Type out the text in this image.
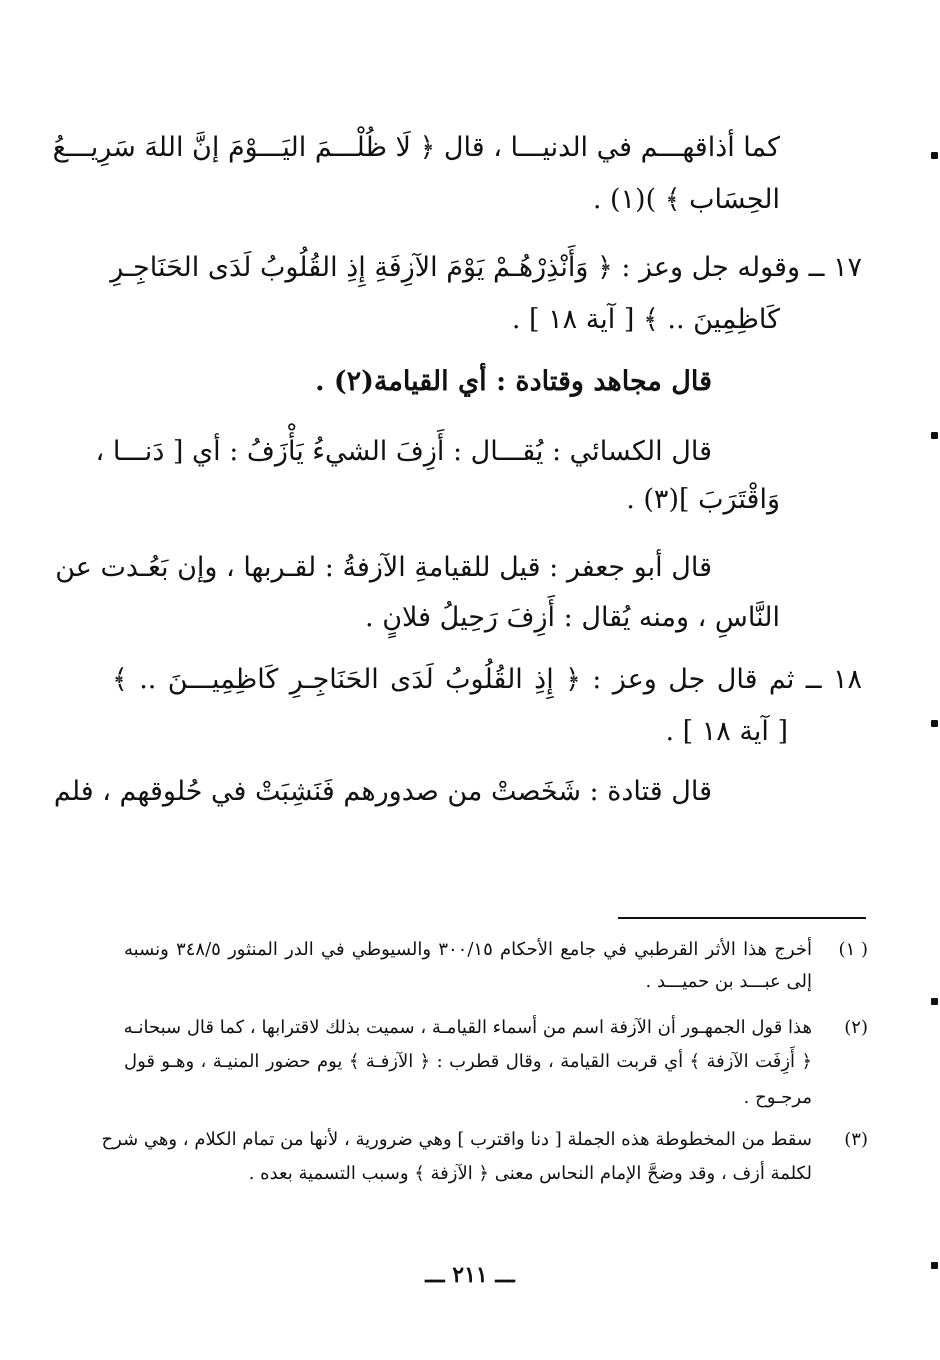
كما أذاقهـــم في الدنيـــا ، قال ﴿ لَا ظُلْـــمَ اليَـــوْمَ إنَّ اللهَ سَرِيـــعُ
الحِسَاب ﴾ )(١) .
١٧ ــ وقوله جل وعز : ﴿ وَأَنْذِرْهُـمْ يَوْمَ الآزِفَةِ إِذِ القُلُوبُ لَدَى الحَنَاجِـرِ
كَاظِمِينَ .. ﴾ [ آية ١٨ ] .
قال مجاهد وقتادة : أي القيامة(٢) .
قال الكسائي : يُقـــال : أَزِفَ الشيءُ يَأْزَفُ : أي [ دَنـــا ،
وَاقْتَرَبَ ](٣) .
قال أبو جعفر : قيل للقيامةِ الآزفةُ : لقـربها ، وإن بَعُـدت عن
النَّاسِ ، ومنه يُقال : أَزِفَ رَحِيلُ فلانٍ .
١٨ ــ ثم قال جل وعز : ﴿ إِذِ القُلُوبُ لَدَى الحَنَاجِـرِ كَاظِمِيـــنَ .. ﴾
[ آية ١٨ ] .
قال قتادة : شَخَصتْ من صدورهم فَنَشِبَتْ في حُلوقهم ، فلم
( ١)
أخرج هذا الأثر القرطبي في جامع الأحكام ٣٠٠/١٥ والسيوطي في الدر المنثور ٣٤٨/٥ ونسبه
إلى عبـــد بن حميـــد .
(٢)
هذا قول الجمهـور أن الآزفة اسم من أسماء القيامـة ، سميت بذلك لاقترابها ، كما قال سبحانـه
﴿ أَزِفَت الآزفة ﴾ أي قربت القيامة ، وقال قطرب : ﴿ الآزفـة ﴾ يوم حضور المنيـة ، وهـو قول
مرجـوح .
(٣)
سقط من المخطوطة هذه الجملة [ دنا واقترب ] وهي ضرورية ، لأنها من تمام الكلام ، وهي شرح
لكلمة أزف ، وقد وضحَّ الإمام النحاس معنى ﴿ الآزفة ﴾ وسبب التسمية بعده .
ـــ ٢١١ ـــ
